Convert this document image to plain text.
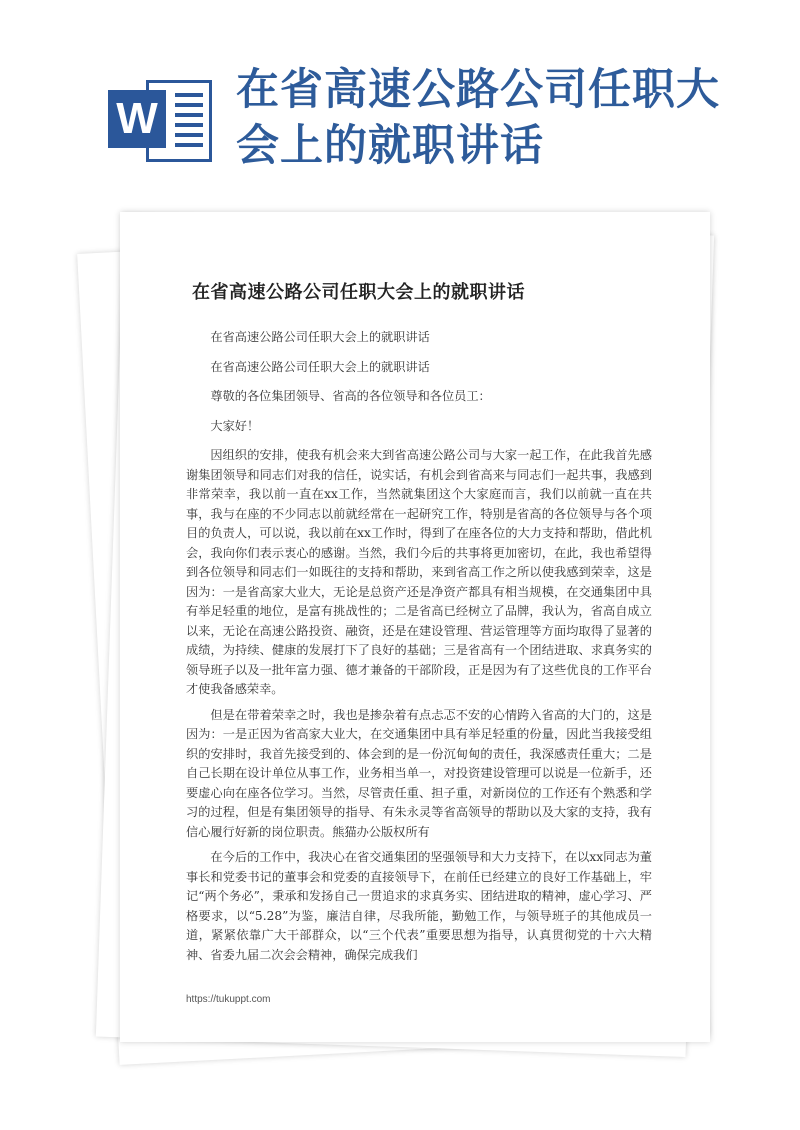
W
在省高速公路公司任职大会上的就职讲话
在省高速公路公司任职大会上的就职讲话

在省高速公路公司任职大会上的就职讲话

在省高速公路公司任职大会上的就职讲话

尊敬的各位集团领导、省高的各位领导和各位员工：

大家好！

因组织的安排，使我有机会来大到省高速公路公司与大家一起工作，在此我首先感谢集团领导和同志们对我的信任，说实话，有机会到省高来与同志们一起共事，我感到非常荣幸，我以前一直在xx工作，当然就集团这个大家庭而言，我们以前就一直在共事，我与在座的不少同志以前就经常在一起研究工作，特别是省高的各位领导与各个项目的负责人，可以说，我以前在xx工作时，得到了在座各位的大力支持和帮助，借此机会，我向你们表示衷心的感谢。当然，我们今后的共事将更加密切，在此，我也希望得到各位领导和同志们一如既往的支持和帮助，来到省高工作之所以使我感到荣幸，这是因为：一是省高家大业大，无论是总资产还是净资产都具有相当规模，在交通集团中具有举足轻重的地位，是富有挑战性的；二是省高已经树立了品牌，我认为，省高自成立以来，无论在高速公路投资、融资，还是在建设管理、营运管理等方面均取得了显著的成绩，为持续、健康的发展打下了良好的基础；三是省高有一个团结进取、求真务实的领导班子以及一批年富力强、德才兼备的干部阶段，正是因为有了这些优良的工作平台才使我备感荣幸。

但是在带着荣幸之时，我也是掺杂着有点忐忑不安的心情跨入省高的大门的，这是因为：一是正因为省高家大业大，在交通集团中具有举足轻重的份量，因此当我接受组织的安排时，我首先接受到的、体会到的是一份沉甸甸的责任，我深感责任重大；二是自己长期在设计单位从事工作，业务相当单一，对投资建设管理可以说是一位新手，还要虚心向在座各位学习。当然，尽管责任重、担子重，对新岗位的工作还有个熟悉和学习的过程，但是有集团领导的指导、有朱永灵等省高领导的帮助以及大家的支持，我有信心履行好新的岗位职责。熊猫办公版权所有

在今后的工作中，我决心在省交通集团的坚强领导和大力支持下，在以xx同志为董事长和党委书记的董事会和党委的直接领导下，在前任已经建立的良好工作基础上，牢记“两个务必”，秉承和发扬自己一贯追求的求真务实、团结进取的精神，虚心学习、严格要求，以“5.28”为鉴，廉洁自律，尽我所能，勤勉工作，与领导班子的其他成员一道，紧紧依靠广大干部群众，以“三个代表”重要思想为指导，认真贯彻党的十六大精神、省委九届二次会会精神，确保完成我们

https://tukuppt.com
